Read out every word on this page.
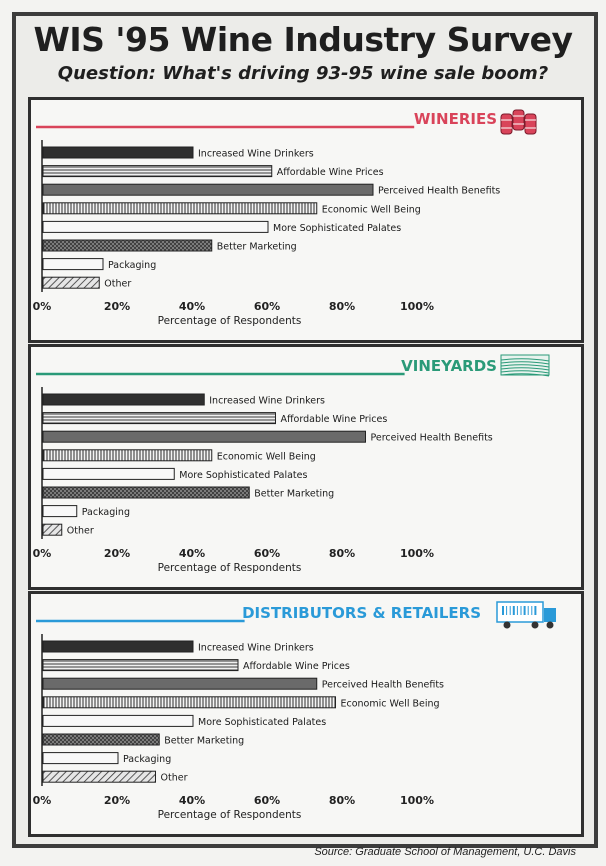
WIS '95 Wine Industry Survey
Question: What's driving 93-95 wine sale boom?
WINERIES
Increased Wine Drinkers
Affordable Wine Prices
Perceived Health Benefits
Economic Well Being
More Sophisticated Palates
Better Marketing
Packaging
Other
0%	20%	40%	60%	80%	100%
Percentage of Respondents
VINEYARDS
Increased Wine Drinkers
Affordable Wine Prices
Perceived Health Benefits
Economic Well Being
More Sophisticated Palates
Better Marketing
Packaging
Other
0%	20%	40%	60%	80%	100%
Percentage of Respondents
DISTRIBUTORS & RETAILERS
Increased Wine Drinkers
Affordable Wine Prices
Perceived Health Benefits
Economic Well Being
More Sophisticated Palates
Better Marketing
Packaging
Other
0%	20%	40%	60%	80%	100%
Percentage of Respondents
Source: Graduate School of Management, U.C. Davis
